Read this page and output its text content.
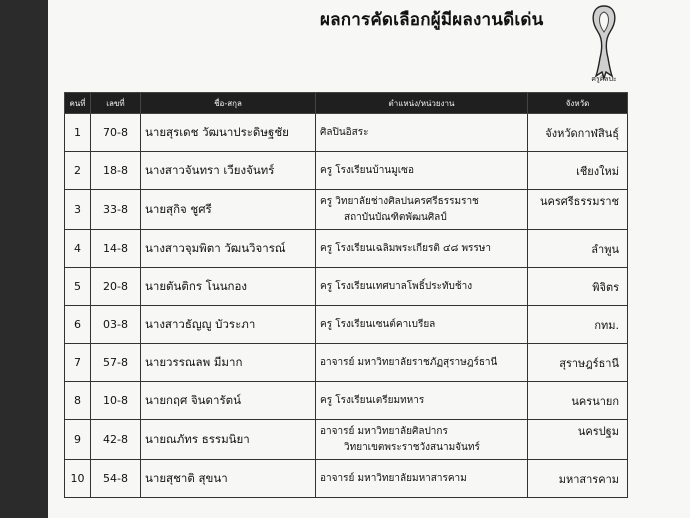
ผลการคัดเลือกผู้มีผลงานดีเด่น
ครูศิลปะ
คนที่	เลขที่	ชื่อ-สกุล	ตำแหน่ง/หน่วยงาน	จังหวัด
1	70-8	นายสุรเดช วัฒนาประดิษฐชัย	ศิลปินอิสระ	จังหวัดกาฬสินธุ์
2	18-8	นางสาวจันทรา เวียงจันทร์	ครู โรงเรียนบ้านมูเซอ	เชียงใหม่
3	33-8	นายสุกิจ ชูศรี	ครู วิทยาลัยช่างศิลปนครศรีธรรมราช
สถาบันบัณฑิตพัฒนศิลป์	นครศรีธรรมราช
4	14-8	นางสาวจุมพิตา วัฒนวิจารณ์	ครู โรงเรียนเฉลิมพระเกียรติ ๔๘ พรรษา	ลำพูน
5	20-8	นายตันติกร โนนกอง	ครู โรงเรียนเทศบาลโพธิ์ประทับช้าง	พิจิตร
6	03-8	นางสาวธัญญู บัวระภา	ครู โรงเรียนเซนต์คาเบรียล	กทม.
7	57-8	นายวรรณลพ มีมาก	อาจารย์ มหาวิทยาลัยราชภัฏสุราษฎร์ธานี	สุราษฎร์ธานี
8	10-8	นายกฤศ จินดารัตน์	ครู โรงเรียนเตรียมทหาร	นครนายก
9	42-8	นายณภัทร ธรรมนิยา	อาจารย์ มหาวิทยาลัยศิลปากร
วิทยาเขตพระราชวังสนามจันทร์	นครปฐม
10	54-8	นายสุชาติ สุขนา	อาจารย์ มหาวิทยาลัยมหาสารคาม	มหาสารคาม
